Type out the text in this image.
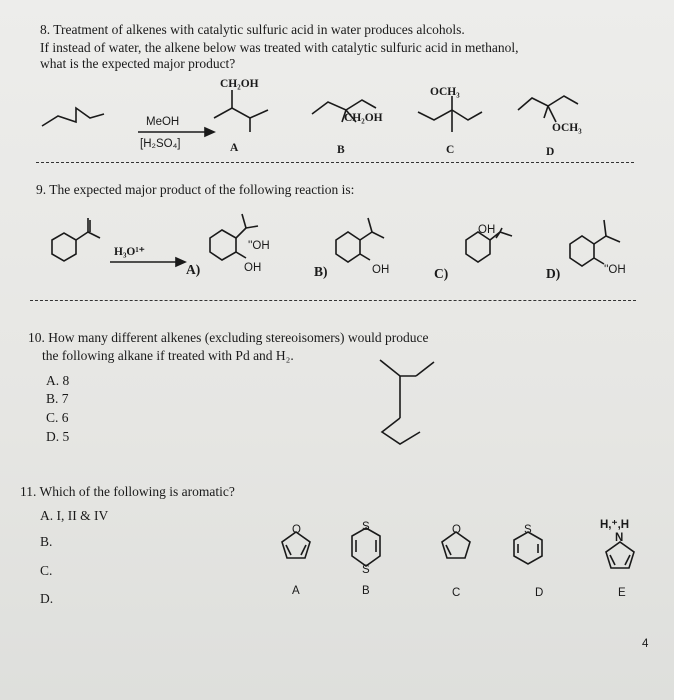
8. Treatment of alkenes with catalytic sulfuric acid in water produces alcohols.
If instead of water, the alkene below was treated with catalytic sulfuric acid in methanol,
what is the expected major product?
CH₂OH
CH₂OH
OCH₃
OCH₃
MeOH
[H₂SO₄]	A	B	C	D
9. The expected major product of the following reaction is:
H₃O¹⁺	''OH
OH	OH
OH
''OH
A)	B)	C)	D)
10. How many different alkenes (excluding stereoisomers) would produce
the following alkane if treated with Pd and H₂.
A. 8
B. 7
C. 6
D. 5
11. Which of the following is aromatic?
A. I, II & IV
B.
C.
D.
O	S
S
O	S	H,⁺,H
N
A	B	C	D	E
4
